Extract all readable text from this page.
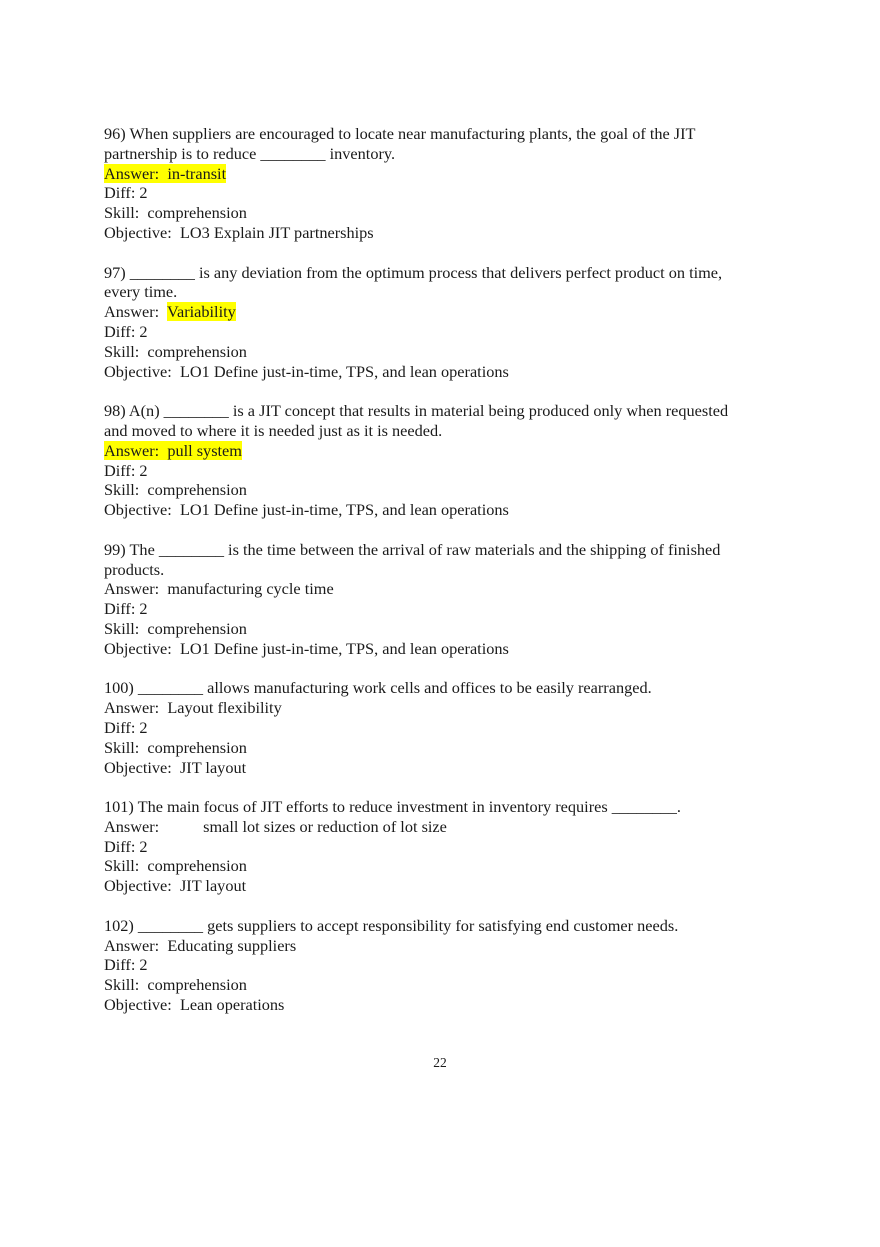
96) When suppliers are encouraged to locate near manufacturing plants, the goal of the JIT
partnership is to reduce ________ inventory.
Answer: in-transit
Diff: 2
Skill:  comprehension
Objective:  LO3 Explain JIT partnerships
97) ________ is any deviation from the optimum process that delivers perfect product on time,
every time.
Answer: Variability
Diff: 2
Skill:  comprehension
Objective:  LO1 Define just-in-time, TPS, and lean operations
98) A(n) ________ is a JIT concept that results in material being produced only when requested
and moved to where it is needed just as it is needed.
Answer: pull system
Diff: 2
Skill:  comprehension
Objective:  LO1 Define just-in-time, TPS, and lean operations
99) The ________ is the time between the arrival of raw materials and the shipping of finished
products.
Answer: manufacturing cycle time
Diff: 2
Skill:  comprehension
Objective:  LO1 Define just-in-time, TPS, and lean operations
100) ________ allows manufacturing work cells and offices to be easily rearranged.
Answer: Layout flexibility
Diff: 2
Skill:  comprehension
Objective:  JIT layout
101) The main focus of JIT efforts to reduce investment in inventory requires ________.
Answer:	small lot sizes or reduction of lot size
Diff: 2
Skill:  comprehension
Objective:  JIT layout
102) ________ gets suppliers to accept responsibility for satisfying end customer needs.
Answer: Educating suppliers
Diff: 2
Skill:  comprehension
Objective:  Lean operations
22
